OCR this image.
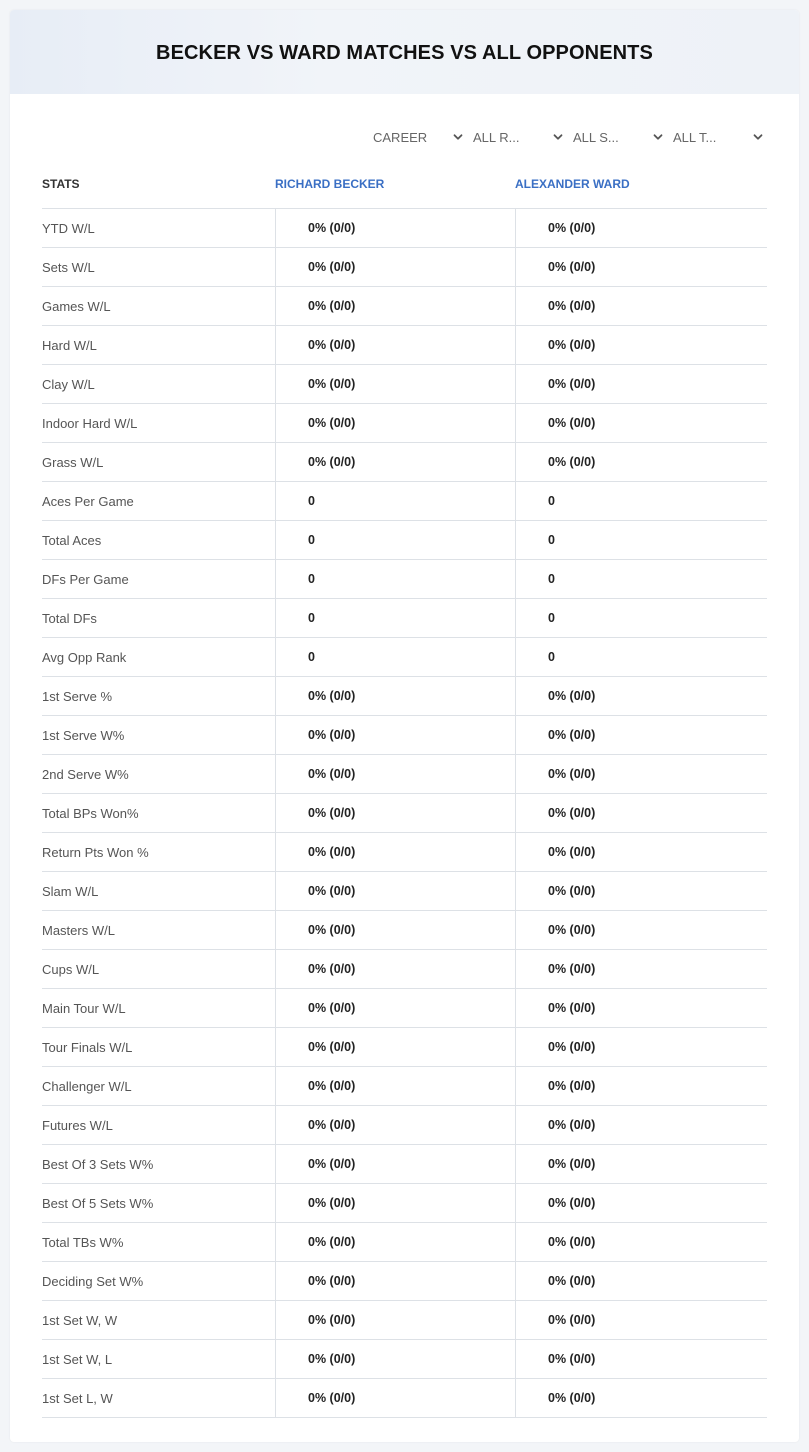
BECKER VS WARD MATCHES VS ALL OPPONENTS
CAREER	ALL R...	ALL S...	ALL T...
STATS	RICHARD BECKER	ALEXANDER WARD
YTD W/L	0% (0/0)	0% (0/0)
Sets W/L	0% (0/0)	0% (0/0)
Games W/L	0% (0/0)	0% (0/0)
Hard W/L	0% (0/0)	0% (0/0)
Clay W/L	0% (0/0)	0% (0/0)
Indoor Hard W/L	0% (0/0)	0% (0/0)
Grass W/L	0% (0/0)	0% (0/0)
Aces Per Game	0	0
Total Aces	0	0
DFs Per Game	0	0
Total DFs	0	0
Avg Opp Rank	0	0
1st Serve %	0% (0/0)	0% (0/0)
1st Serve W%	0% (0/0)	0% (0/0)
2nd Serve W%	0% (0/0)	0% (0/0)
Total BPs Won%	0% (0/0)	0% (0/0)
Return Pts Won %	0% (0/0)	0% (0/0)
Slam W/L	0% (0/0)	0% (0/0)
Masters W/L	0% (0/0)	0% (0/0)
Cups W/L	0% (0/0)	0% (0/0)
Main Tour W/L	0% (0/0)	0% (0/0)
Tour Finals W/L	0% (0/0)	0% (0/0)
Challenger W/L	0% (0/0)	0% (0/0)
Futures W/L	0% (0/0)	0% (0/0)
Best Of 3 Sets W%	0% (0/0)	0% (0/0)
Best Of 5 Sets W%	0% (0/0)	0% (0/0)
Total TBs W%	0% (0/0)	0% (0/0)
Deciding Set W%	0% (0/0)	0% (0/0)
1st Set W, W	0% (0/0)	0% (0/0)
1st Set W, L	0% (0/0)	0% (0/0)
1st Set L, W	0% (0/0)	0% (0/0)
